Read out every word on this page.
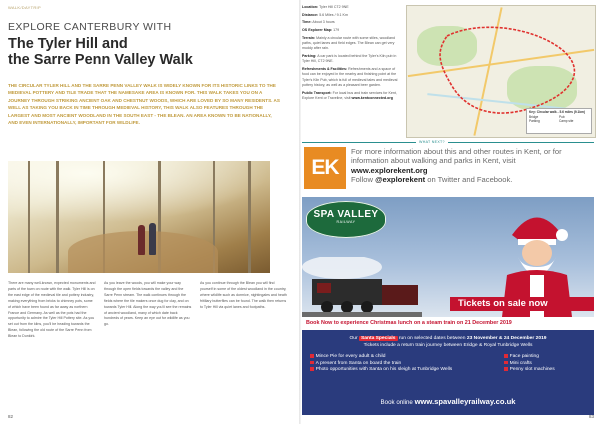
WALK/DAYTRIP
EXPLORE CANTERBURY WITH
The Tyler Hill and
the Sarre Penn Valley Walk
THE CIRCULAR TYLER HILL AND THE SARRE PENN VALLEY WALK IS WIDELY KNOWN FOR ITS HISTORIC LINKS TO THE MEDIEVAL POTTERY AND TILE TRADE THAT THE NAMESAKE AREA IS KNOWN FOR. THIS WALK TAKES YOU ON A JOURNEY THROUGH STRIKING ANCIENT OAK AND CHESTNUT WOODS, WHICH ARE LOVED BY SO MANY RESIDENTS. AS WELL AS TAKING YOU BACK IN TIME THROUGH MEDIEVAL HISTORY, THIS WALK ALSO FEATURES THROUGH THE LARGEST AND MOST ANCIENT WOODLAND IN THE SOUTH EAST - THE BLEAN. AN AREA KNOWN TO BE NATIONALLY, AND EVEN INTERNATIONALLY, IMPORTANT FOR WILDLIFE.
There are many well-known, expected monuments and parts of the town on route with the walk. Tyler Hill is on the east edge of the medieval tile and pottery industry, making everything from bricks to chimney pots, some of which have been found as far away as northern France and Germany. As well as the pots had the opportunity to admire the Tyler Hill Pottery site. As you set out from the kilns, you'll be heading towards the Blean, following the old route of the Sarre Penn from Blean to Dunkirk.
As you leave the woods, you will make your way through the open fields towards the valley and the Sarre Penn stream. The walk continues through the fields where the tile makers once dug for clay, and on towards Tyler Hill. Along the way you'll see the remains of ancient woodland, many of which date back hundreds of years. Keep an eye out for wildlife as you go.
As you continue through the Blean you will find yourself in some of the oldest woodland in the country, where wildlife such as dormice, nightingales and heath fritillary butterflies can be found. The walk then returns to Tyler Hill via quiet lanes and footpaths.
82

Location: Tyler Hill CT2 9NE

Distance: 5.6 Miles / 9.1 Km

Time: About 3 hours

OS Explorer Map: 179

Terrain: Mainly a circular route with some stiles, woodland paths, quiet lanes and field edges. The Blean can get very muddy after rain.

Parking: A car park is located behind the Tyler's Kiln pub in Tyler Hill, CT2 9NE.

Refreshments & Facilities: Refreshments and a space of food can be enjoyed in the nearby and finishing point at the Tyler's Kiln Pub, which is full of medieval tales and medieval pottery history, as well as a pleasant beer garden.

Public Transport: For local bus and train services for Kent, Explore Kent or Traveline, visit www.kentconnected.org

Key: Circular walk - 5.6 miles (9.1km)
Bridge	Pub
Parking	Camp site
WHAT NEXT?
EK
For more information about this and other routes in Kent, or for information about walking and parks in Kent, visit www.explorekent.org
Follow @explorekent on Twitter and Facebook.
SPA VALLEY
RAILWAY
Tickets on sale now
Book Now to experience Christmas lunch on a steam train on 21 December 2019
Our Santa Specials run on selected dates between 23 November & 24 December 2019
Tickets include a return train journey between Eridge & Royal Tunbridge Wells
Mince Pie for every adult & child
A present from Santa on board the train
Photo opportunities with Santa on his sleigh at Tunbridge Wells
Face painting
Mini crafts
Penny slot machines
Book online www.spavalleyrailway.co.uk
83
